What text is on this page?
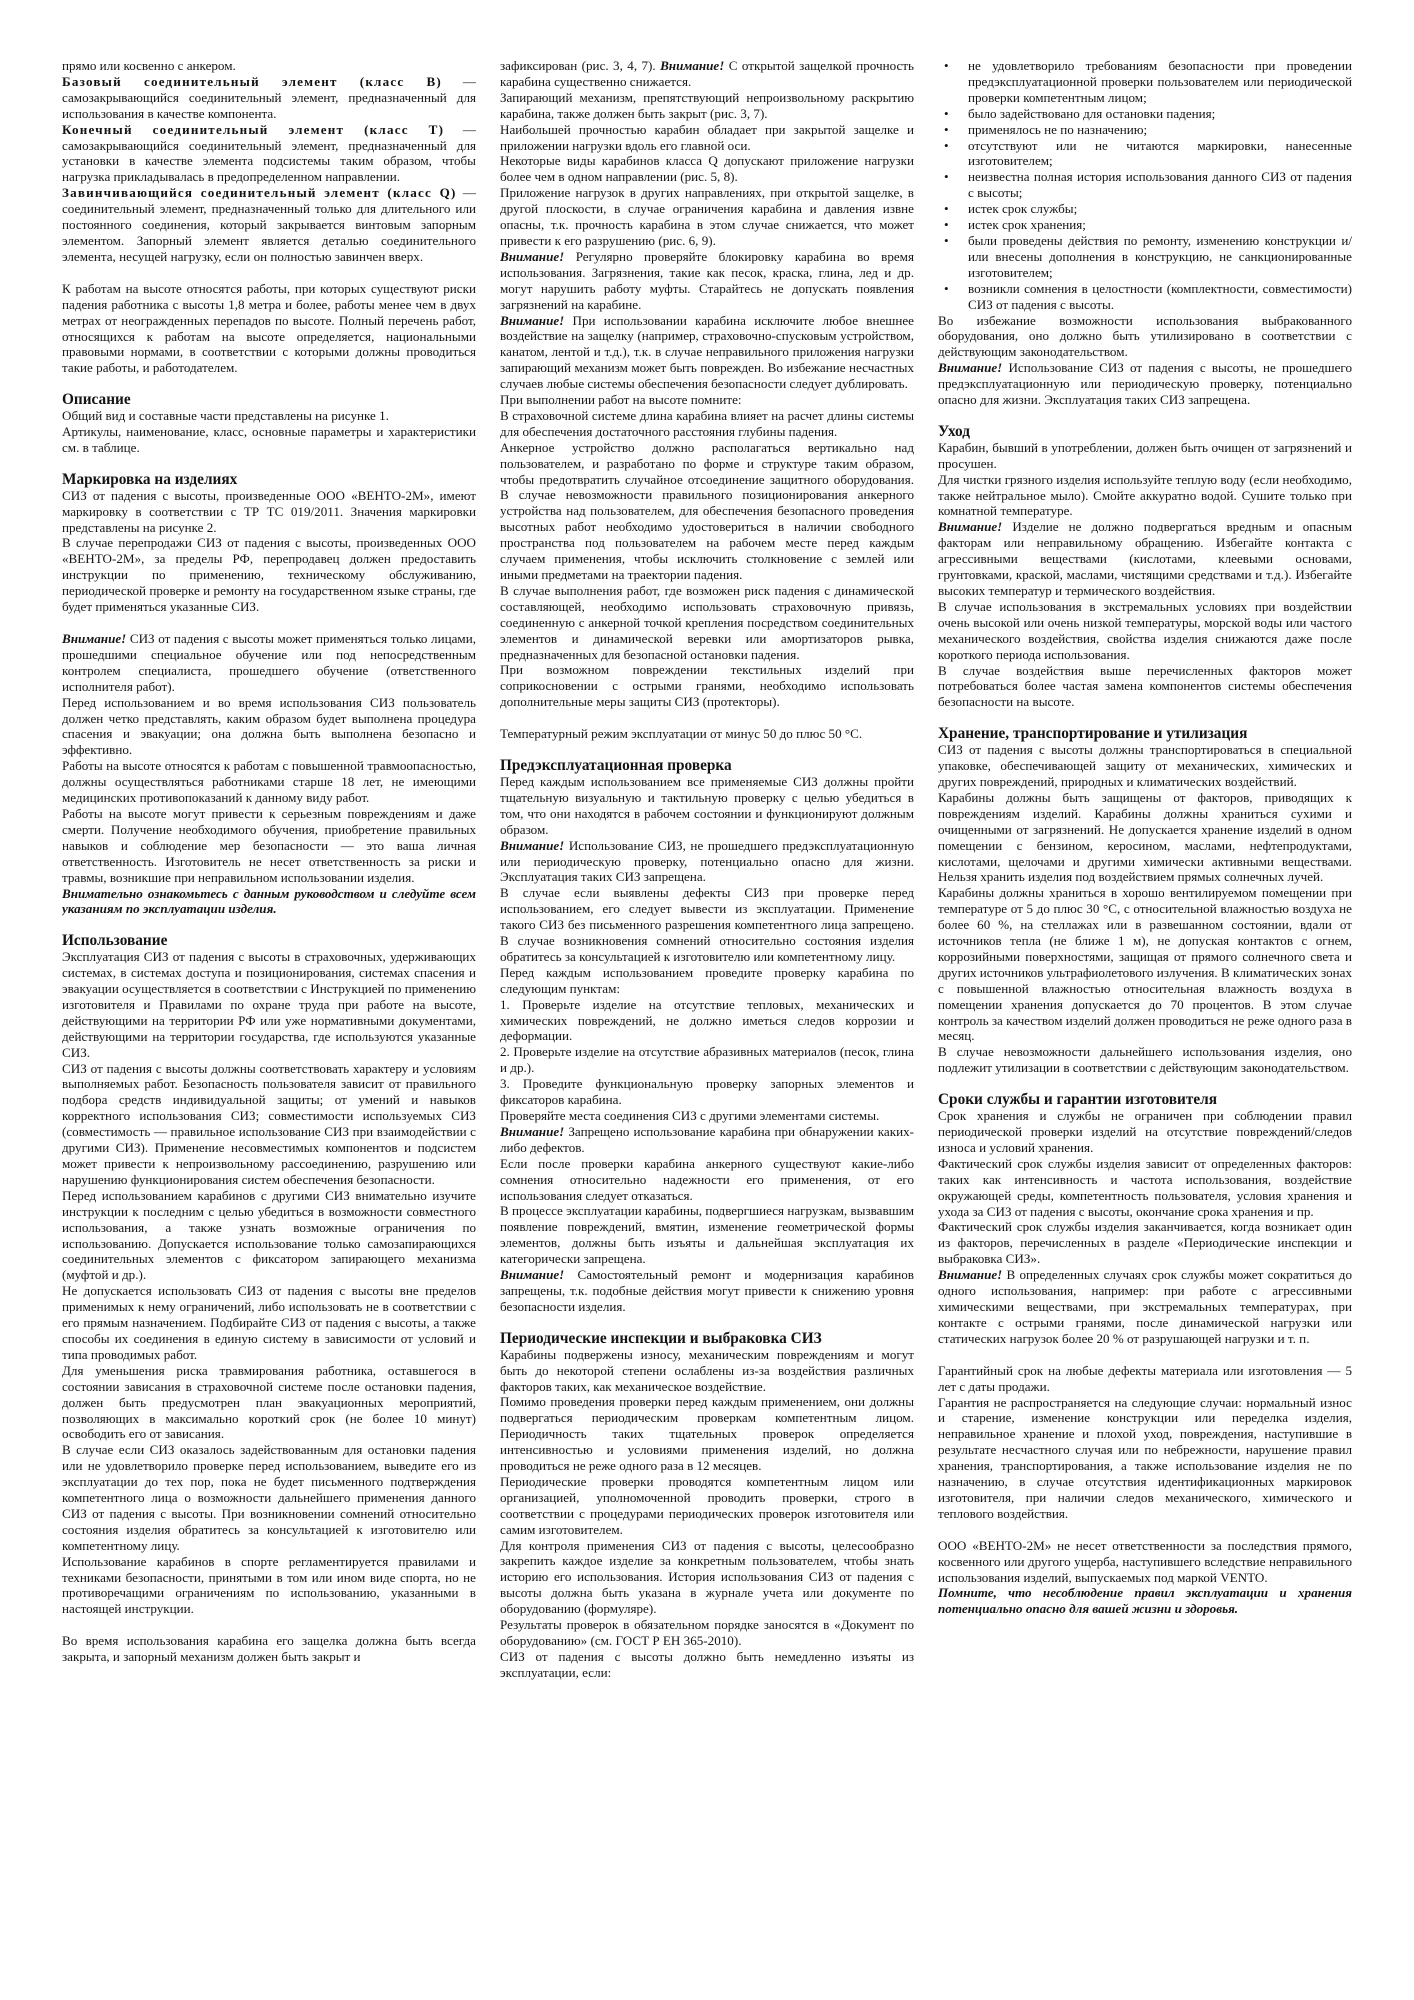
прямо или косвенно с анкером.

Базовый соединительный элемент (класс В) — самозакрывающийся соединительный элемент, предназначенный для использования в качестве компонента.

Конечный соединительный элемент (класс Т) — самозакрывающийся соединительный элемент, предназначенный для установки в качестве элемента подсистемы таким образом, чтобы нагрузка прикладывалась в предопределенном направлении.

Завинчивающийся соединительный элемент (класс Q) — соединительный элемент, предназначенный только для длительного или постоянного соединения, который закрывается винтовым запорным элементом. Запорный элемент является деталью соединительного элемента, несущей нагрузку, если он полностью завинчен вверх.

К работам на высоте относятся работы, при которых существуют риски падения работника с высоты 1,8 метра и более, работы менее чем в двух метрах от неогражденных перепадов по высоте. Полный перечень работ, относящихся к работам на высоте определяется, национальными правовыми нормами, в соответствии с которыми должны проводиться такие работы, и работодателем.

Описание

Общий вид и составные части представлены на рисунке 1.

Артикулы, наименование, класс, основные параметры и характеристики см. в таблице.

Маркировка на изделиях

СИЗ от падения с высоты, произведенные ООО «ВЕНТО-2М», имеют маркировку в соответствии с ТР ТС 019/2011. Значения маркировки представлены на рисунке 2.

В случае перепродажи СИЗ от падения с высоты, произведенных ООО «ВЕНТО-2М», за пределы РФ, перепродавец должен предоставить инструкции по применению, техническому обслуживанию, периодической проверке и ремонту на государственном языке страны, где будет применяться указанные СИЗ.

Внимание! СИЗ от падения с высоты может применяться только лицами, прошедшими специальное обучение или под непосредственным контролем специалиста, прошедшего обучение (ответственного исполнителя работ).

Перед использованием и во время использования СИЗ пользователь должен четко представлять, каким образом будет выполнена процедура спасения и эвакуации; она должна быть выполнена безопасно и эффективно.

Работы на высоте относятся к работам с повышенной травмоопасностью, должны осуществляться работниками старше 18 лет, не имеющими медицинских противопоказаний к данному виду работ.

Работы на высоте могут привести к серьезным повреждениям и даже смерти. Получение необходимого обучения, приобретение правильных навыков и соблюдение мер безопасности — это ваша личная ответственность. Изготовитель не несет ответственность за риски и травмы, возникшие при неправильном использовании изделия.

Внимательно ознакомьтесь с данным руководством и следуйте всем указаниям по эксплуатации изделия.

Использование

Эксплуатация СИЗ от падения с высоты в страховочных, удерживающих системах, в системах доступа и позиционирования, системах спасения и эвакуации осуществляется в соответствии с Инструкцией по применению изготовителя и Правилами по охране труда при работе на высоте, действующими на территории РФ или уже нормативными документами, действующими на территории государства, где используются указанные СИЗ.

СИЗ от падения с высоты должны соответствовать характеру и условиям выполняемых работ. Безопасность пользователя зависит от правильного подбора средств индивидуальной защиты; от умений и навыков корректного использования СИЗ; совместимости используемых СИЗ (совместимость — правильное использование СИЗ при взаимодействии с другими СИЗ). Применение несовместимых компонентов и подсистем может привести к непроизвольному рассоединению, разрушению или нарушению функционирования систем обеспечения безопасности.

Перед использованием карабинов с другими СИЗ внимательно изучите инструкции к последним с целью убедиться в возможности совместного использования, а также узнать возможные ограничения по использованию. Допускается использование только самозапирающихся соединительных элементов с фиксатором запирающего механизма (муфтой и др.).

Не допускается использовать СИЗ от падения с высоты вне пределов применимых к нему ограничений, либо использовать не в соответствии с его прямым назначением. Подбирайте СИЗ от падения с высоты, а также способы их соединения в единую систему в зависимости от условий и типа проводимых работ.

Для уменьшения риска травмирования работника, оставшегося в состоянии зависания в страховочной системе после остановки падения, должен быть предусмотрен план эвакуационных мероприятий, позволяющих в максимально короткий срок (не более 10 минут) освободить его от зависания.

В случае если СИЗ оказалось задействованным для остановки падения или не удовлетворило проверке перед использованием, выведите его из эксплуатации до тех пор, пока не будет письменного подтверждения компетентного лица о возможности дальнейшего применения данного СИЗ от падения с высоты. При возникновении сомнений относительно состояния изделия обратитесь за консультацией к изготовителю или компетентному лицу.

Использование карабинов в спорте регламентируется правилами и техниками безопасности, принятыми в том или ином виде спорта, но не противоречащими ограничениям по использованию, указанными в настоящей инструкции.

Во время использования карабина его защелка должна быть всегда закрыта, и запорный механизм должен быть закрыт и

зафиксирован (рис. 3, 4, 7). Внимание! С открытой защелкой прочность карабина существенно снижается.

Запирающий механизм, препятствующий непроизвольному раскрытию карабина, также должен быть закрыт (рис. 3, 7).

Наибольшей прочностью карабин обладает при закрытой защелке и приложении нагрузки вдоль его главной оси.

Некоторые виды карабинов класса Q допускают приложение нагрузки более чем в одном направлении (рис. 5, 8).

Приложение нагрузок в других направлениях, при открытой защелке, в другой плоскости, в случае ограничения карабина и давления извне опасны, т.к. прочность карабина в этом случае снижается, что может привести к его разрушению (рис. 6, 9).

Внимание! Регулярно проверяйте блокировку карабина во время использования. Загрязнения, такие как песок, краска, глина, лед и др. могут нарушить работу муфты. Старайтесь не допускать появления загрязнений на карабине.

Внимание! При использовании карабина исключите любое внешнее воздействие на защелку (например, страховочно-спусковым устройством, канатом, лентой и т.д.), т.к. в случае неправильного приложения нагрузки запирающий механизм может быть поврежден. Во избежание несчастных случаев любые системы обеспечения безопасности следует дублировать.

При выполнении работ на высоте помните:

В страховочной системе длина карабина влияет на расчет длины системы для обеспечения достаточного расстояния глубины падения.

Анкерное устройство должно располагаться вертикально над пользователем, и разработано по форме и структуре таким образом, чтобы предотвратить случайное отсоединение защитного оборудования. В случае невозможности правильного позиционирования анкерного устройства над пользователем, для обеспечения безопасного проведения высотных работ необходимо удостовериться в наличии свободного пространства под пользователем на рабочем месте перед каждым случаем применения, чтобы исключить столкновение с землей или иными предметами на траектории падения.

В случае выполнения работ, где возможен риск падения с динамической составляющей, необходимо использовать страховочную привязь, соединенную с анкерной точкой крепления посредством соединительных элементов и динамической веревки или амортизаторов рывка, предназначенных для безопасной остановки падения.

При возможном повреждении текстильных изделий при соприкосновении с острыми гранями, необходимо использовать дополнительные меры защиты СИЗ (протекторы).

Температурный режим эксплуатации от минус 50 до плюс 50 °С.

Предэксплуатационная проверка

Перед каждым использованием все применяемые СИЗ должны пройти тщательную визуальную и тактильную проверку с целью убедиться в том, что они находятся в рабочем состоянии и функционируют должным образом.

Внимание! Использование СИЗ, не прошедшего предэксплуатационную или периодическую проверку, потенциально опасно для жизни. Эксплуатация таких СИЗ запрещена.

В случае если выявлены дефекты СИЗ при проверке перед использованием, его следует вывести из эксплуатации. Применение такого СИЗ без письменного разрешения компетентного лица запрещено. В случае возникновения сомнений относительно состояния изделия обратитесь за консультацией к изготовителю или компетентному лицу.

Перед каждым использованием проведите проверку карабина по следующим пунктам:

1. Проверьте изделие на отсутствие тепловых, механических и химических повреждений, не должно иметься следов коррозии и деформации.

2. Проверьте изделие на отсутствие абразивных материалов (песок, глина и др.).

3. Проведите функциональную проверку запорных элементов и фиксаторов карабина.

Проверяйте места соединения СИЗ с другими элементами системы.

Внимание! Запрещено использование карабина при обнаружении каких-либо дефектов.

Если после проверки карабина анкерного существуют какие-либо сомнения относительно надежности его применения, от его использования следует отказаться.

В процессе эксплуатации карабины, подвергшиеся нагрузкам, вызвавшим появление повреждений, вмятин, изменение геометрической формы элементов, должны быть изъяты и дальнейшая эксплуатация их категорически запрещена.

Внимание! Самостоятельный ремонт и модернизация карабинов запрещены, т.к. подобные действия могут привести к снижению уровня безопасности изделия.

Периодические инспекции и выбраковка СИЗ

Карабины подвержены износу, механическим повреждениям и могут быть до некоторой степени ослаблены из-за воздействия различных факторов таких, как механическое воздействие.

Помимо проведения проверки перед каждым применением, они должны подвергаться периодическим проверкам компетентным лицом. Периодичность таких тщательных проверок определяется интенсивностью и условиями применения изделий, но должна проводиться не реже одного раза в 12 месяцев.

Периодические проверки проводятся компетентным лицом или организацией, уполномоченной проводить проверки, строго в соответствии с процедурами периодических проверок изготовителя или самим изготовителем.

Для контроля применения СИЗ от падения с высоты, целесообразно закрепить каждое изделие за конкретным пользователем, чтобы знать историю его использования. История использования СИЗ от падения с высоты должна быть указана в журнале учета или документе по оборудованию (формуляре).

Результаты проверок в обязательном порядке заносятся в «Документ по оборудованию» (см. ГОСТ Р ЕН 365-2010).

СИЗ от падения с высоты должно быть немедленно изъяты из эксплуатации, если:

• не удовлетворило требованиям безопасности при проведении предэксплуатационной проверки пользователем или периодической проверки компетентным лицом;
• было задействовано для остановки падения;
• применялось не по назначению;
• отсутствуют или не читаются маркировки, нанесенные изготовителем;
• неизвестна полная история использования данного СИЗ от падения с высоты;
• истек срок службы;
• истек срок хранения;
• были проведены действия по ремонту, изменению конструкции и/или внесены дополнения в конструкцию, не санкционированные изготовителем;
• возникли сомнения в целостности (комплектности, совместимости) СИЗ от падения с высоты.

Во избежание возможности использования выбракованного оборудования, оно должно быть утилизировано в соответствии с действующим законодательством.

Внимание! Использование СИЗ от падения с высоты, не прошедшего предэксплуатационную или периодическую проверку, потенциально опасно для жизни. Эксплуатация таких СИЗ запрещена.

Уход

Карабин, бывший в употреблении, должен быть очищен от загрязнений и просушен.

Для чистки грязного изделия используйте теплую воду (если необходимо, также нейтральное мыло). Смойте аккуратно водой. Сушите только при комнатной температуре.

Внимание! Изделие не должно подвергаться вредным и опасным факторам или неправильному обращению. Избегайте контакта с агрессивными веществами (кислотами, клеевыми основами, грунтовками, краской, маслами, чистящими средствами и т.д.). Избегайте высоких температур и термического воздействия.

В случае использования в экстремальных условиях при воздействии очень высокой или очень низкой температуры, морской воды или частого механического воздействия, свойства изделия снижаются даже после короткого периода использования.

В случае воздействия выше перечисленных факторов может потребоваться более частая замена компонентов системы обеспечения безопасности на высоте.

Хранение, транспортирование и утилизация

СИЗ от падения с высоты должны транспортироваться в специальной упаковке, обеспечивающей защиту от механических, химических и других повреждений, природных и климатических воздействий.

Карабины должны быть защищены от факторов, приводящих к повреждениям изделий. Карабины должны храниться сухими и очищенными от загрязнений. Не допускается хранение изделий в одном помещении с бензином, керосином, маслами, нефтепродуктами, кислотами, щелочами и другими химически активными веществами. Нельзя хранить изделия под воздействием прямых солнечных лучей.

Карабины должны храниться в хорошо вентилируемом помещении при температуре от 5 до плюс 30 °С, с относительной влажностью воздуха не более 60 %, на стеллажах или в развешанном состоянии, вдали от источников тепла (не ближе 1 м), не допуская контактов с огнем, коррозийными поверхностями, защищая от прямого солнечного света и других источников ультрафиолетового излучения. В климатических зонах с повышенной влажностью относительная влажность воздуха в помещении хранения допускается до 70 процентов. В этом случае контроль за качеством изделий должен проводиться не реже одного раза в месяц.

В случае невозможности дальнейшего использования изделия, оно подлежит утилизации в соответствии с действующим законодательством.

Сроки службы и гарантии изготовителя

Срок хранения и службы не ограничен при соблюдении правил периодической проверки изделий на отсутствие повреждений/следов износа и условий хранения.

Фактический срок службы изделия зависит от определенных факторов: таких как интенсивность и частота использования, воздействие окружающей среды, компетентность пользователя, условия хранения и ухода за СИЗ от падения с высоты, окончание срока хранения и пр.

Фактический срок службы изделия заканчивается, когда возникает один из факторов, перечисленных в разделе «Периодические инспекции и выбраковка СИЗ».

Внимание! В определенных случаях срок службы может сократиться до одного использования, например: при работе с агрессивными химическими веществами, при экстремальных температурах, при контакте с острыми гранями, после динамической нагрузки или статических нагрузок более 20 % от разрушающей нагрузки и т. п.

Гарантийный срок на любые дефекты материала или изготовления — 5 лет с даты продажи.

Гарантия не распространяется на следующие случаи: нормальный износ и старение, изменение конструкции или переделка изделия, неправильное хранение и плохой уход, повреждения, наступившие в результате несчастного случая или по небрежности, нарушение правил хранения, транспортирования, а также использование изделия не по назначению, в случае отсутствия идентификационных маркировок изготовителя, при наличии следов механического, химического и теплового воздействия.

ООО «ВЕНТО-2М» не несет ответственности за последствия прямого, косвенного или другого ущерба, наступившего вследствие неправильного использования изделий, выпускаемых под маркой VENTO.

Помните, что несоблюдение правил эксплуатации и хранения потенциально опасно для вашей жизни и здоровья.
